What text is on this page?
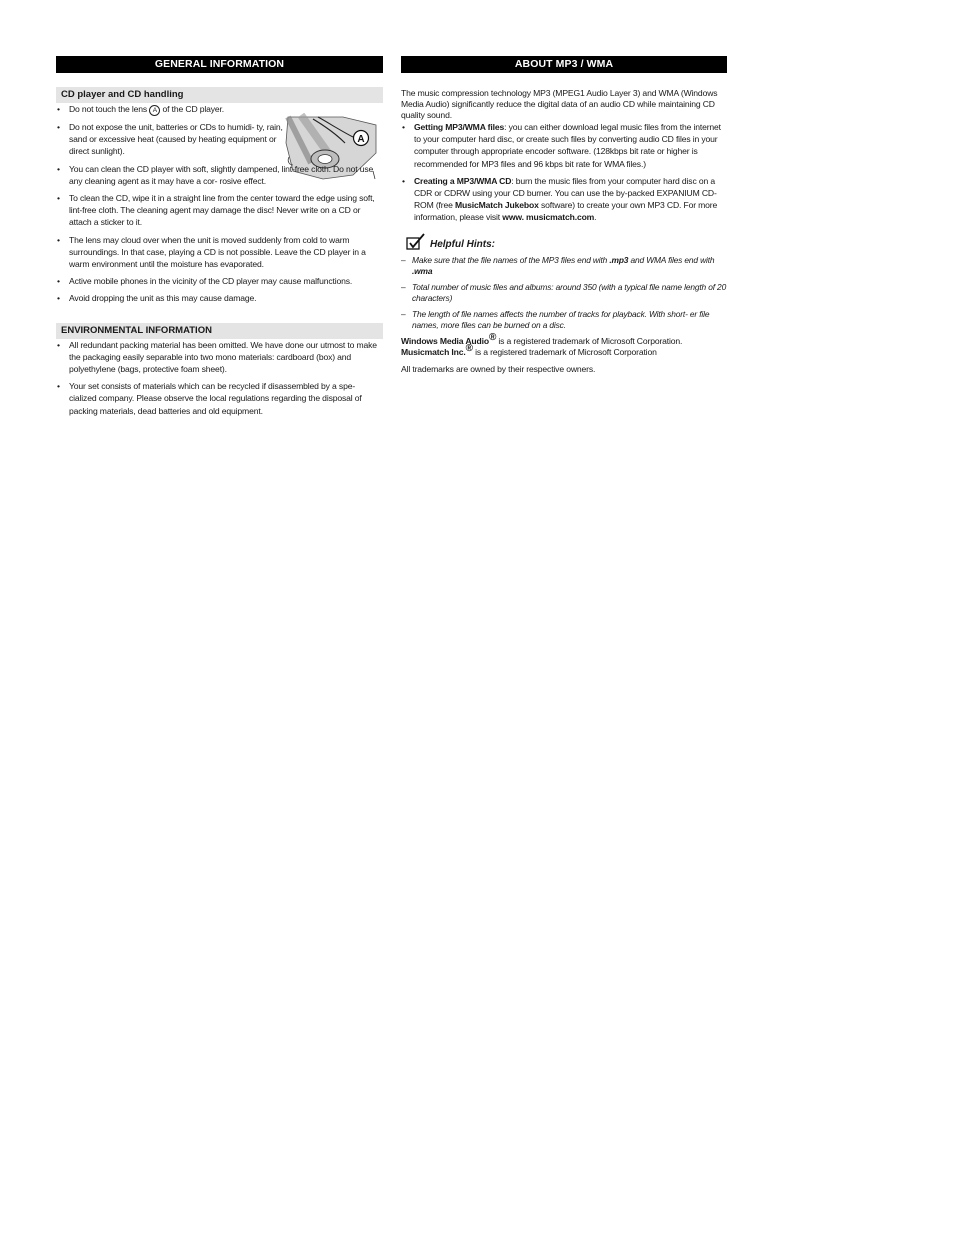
GENERAL INFORMATION
CD player and CD handling
A
• Do not touch the lens A of the CD player.
• Do not expose the unit, batteries or CDs to humidi- ty, rain, sand or excessive heat (caused by heating equipment or direct sunlight).
• You can clean the CD player with soft, slightly dampened, lint-free cloth. Do not use any cleaning agent as it may have a cor- rosive effect.
• To clean the CD, wipe it in a straight line from the center toward the edge using soft, lint-free cloth. The cleaning agent may damage the disc! Never write on a CD or attach a sticker to it.
• The lens may cloud over when the unit is moved suddenly from cold to warm surroundings. In that case, playing a CD is not possible. Leave the CD player in a warm environment until the moisture has evaporated.
• Active mobile phones in the vicinity of the CD player may cause malfunctions.
• Avoid dropping the unit as this may cause damage.
ENVIRONMENTAL INFORMATION
• All redundant packing material has been omitted. We have done our utmost to make the packaging easily separable into two mono materials: cardboard (box) and polyethylene (bags, protective foam sheet).
• Your set consists of materials which can be recycled if disassembled by a spe- cialized company. Please observe the local regulations regarding the disposal of packing materials, dead batteries and old equipment.
ABOUT MP3 / WMA

The music compression technology MP3 (MPEG1 Audio Layer 3) and WMA (Windows Media Audio) significantly reduce the digital data of an audio CD while maintaining CD quality sound.

• Getting MP3/WMA files: you can either download legal music files from the internet to your computer hard disc, or create such files by converting audio CD files in your computer through appropriate encoder software. (128kbps bit rate or higher is recommended for MP3 files and 96 kbps bit rate for WMA files.)
• Creating a MP3/WMA CD: burn the music files from your computer hard disc on a CDR or CDRW using your CD burner. You can use the by-packed EXPANIUM CD-ROM (free MusicMatch Jukebox software) to create your own MP3 CD. For more information, please visit www. musicmatch.com.
Helpful Hints:
– Make sure that the file names of the MP3 files end with .mp3 and WMA files end with .wma
– Total number of music files and albums: around 350 (with a typical file name length of 20 characters)
– The length of file names affects the number of tracks for playback. With short- er file names, more files can be burned on a disc.

Windows Media Audio® is a registered trademark of Microsoft Corporation.
Musicmatch Inc.® is a registered trademark of Microsoft Corporation

All trademarks are owned by their respective owners.
